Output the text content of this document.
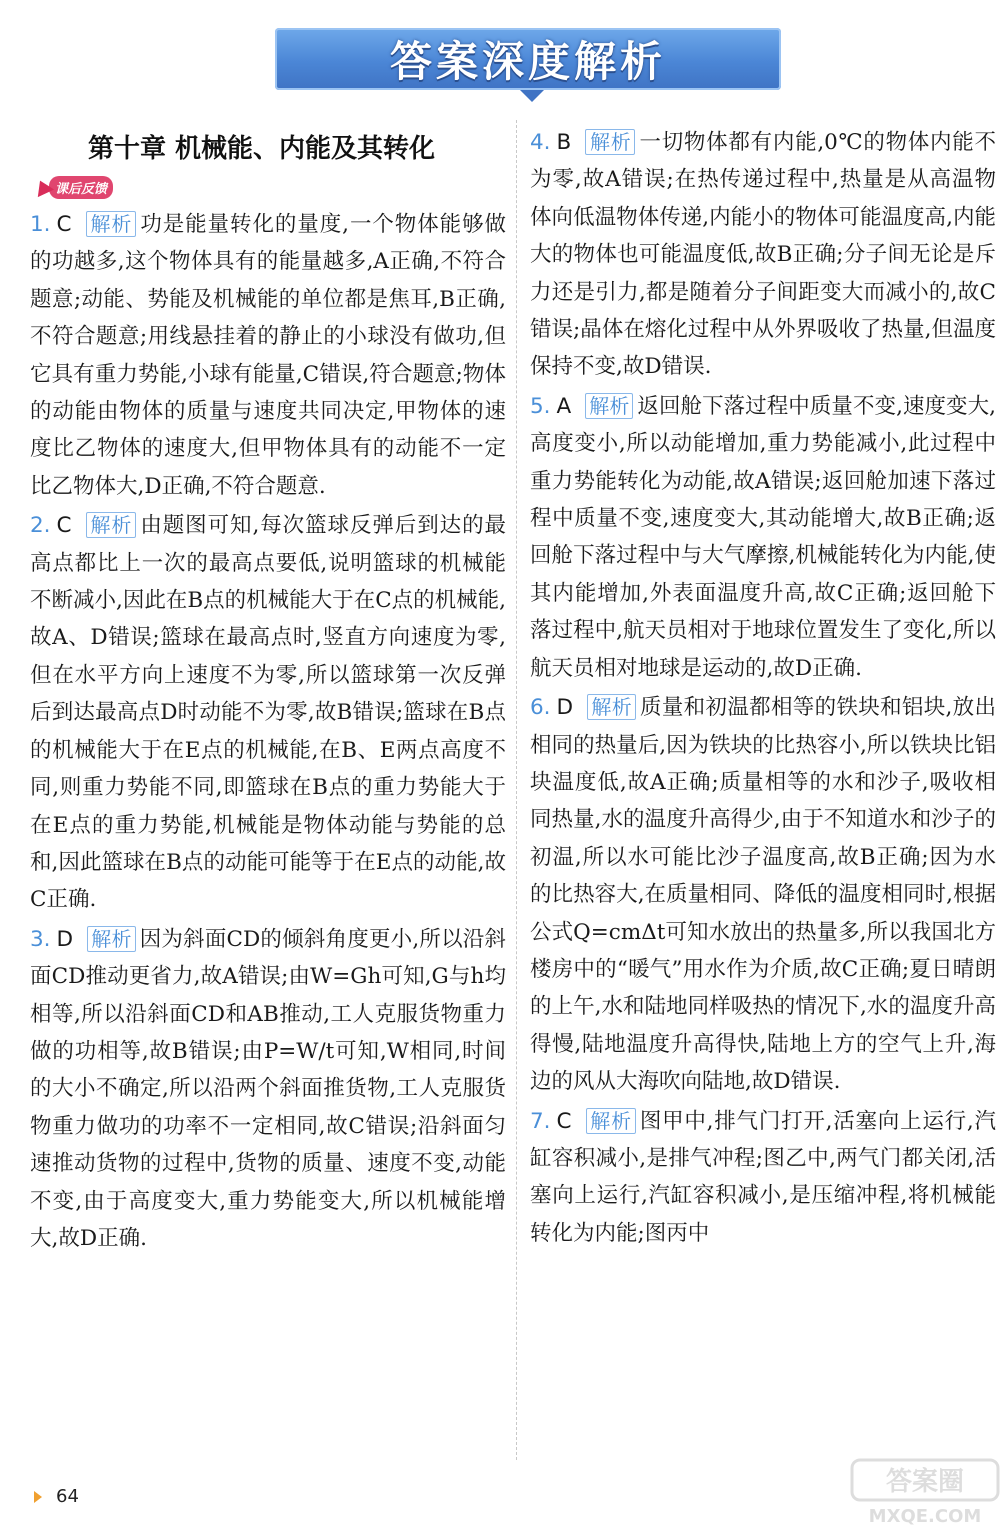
答案深度解析
第十章 机械能、内能及其转化
课后反馈
1. C 解析 功是能量转化的量度,一个物体能够做的功越多,这个物体具有的能量越多,A正确,不符合题意;动能、势能及机械能的单位都是焦耳,B正确,不符合题意;用线悬挂着的静止的小球没有做功,但它具有重力势能,小球有能量,C错误,符合题意;物体的动能由物体的质量与速度共同决定,甲物体的速度比乙物体的速度大,但甲物体具有的动能不一定比乙物体大,D正确,不符合题意.
2. C 解析 由题图可知,每次篮球反弹后到达的最高点都比上一次的最高点要低,说明篮球的机械能不断减小,因此在B点的机械能大于在C点的机械能,故A、D错误;篮球在最高点时,竖直方向速度为零,但在水平方向上速度不为零,所以篮球第一次反弹后到达最高点D时动能不为零,故B错误;篮球在B点的机械能大于在E点的机械能,在B、E两点高度不同,则重力势能不同,即篮球在B点的重力势能大于在E点的重力势能,机械能是物体动能与势能的总和,因此篮球在B点的动能可能等于在E点的动能,故C正确.
3. D 解析 因为斜面CD的倾斜角度更小,所以沿斜面CD推动更省力,故A错误;由W=Gh可知,G与h均相等,所以沿斜面CD和AB推动,工人克服货物重力做的功相等,故B错误;由P=W/t可知,W相同,时间的大小不确定,所以沿两个斜面推货物,工人克服货物重力做功的功率不一定相同,故C错误;沿斜面匀速推动货物的过程中,货物的质量、速度不变,动能不变,由于高度变大,重力势能变大,所以机械能增大,故D正确.
4. B 解析 一切物体都有内能,0℃的物体内能不为零,故A错误;在热传递过程中,热量是从高温物体向低温物体传递,内能小的物体可能温度高,内能大的物体也可能温度低,故B正确;分子间无论是斥力还是引力,都是随着分子间距变大而减小的,故C错误;晶体在熔化过程中从外界吸收了热量,但温度保持不变,故D错误.
5. A 解析 返回舱下落过程中质量不变,速度变大,高度变小,所以动能增加,重力势能减小,此过程中重力势能转化为动能,故A错误;返回舱加速下落过程中质量不变,速度变大,其动能增大,故B正确;返回舱下落过程中与大气摩擦,机械能转化为内能,使其内能增加,外表面温度升高,故C正确;返回舱下落过程中,航天员相对于地球位置发生了变化,所以航天员相对地球是运动的,故D正确.
6. D 解析 质量和初温都相等的铁块和铝块,放出相同的热量后,因为铁块的比热容小,所以铁块比铝块温度低,故A正确;质量相等的水和沙子,吸收相同热量,水的温度升高得少,由于不知道水和沙子的初温,所以水可能比沙子温度高,故B正确;因为水的比热容大,在质量相同、降低的温度相同时,根据公式Q=cmΔt可知水放出的热量多,所以我国北方楼房中的“暖气”用水作为介质,故C正确;夏日晴朗的上午,水和陆地同样吸热的情况下,水的温度升高得慢,陆地温度升高得快,陆地上方的空气上升,海边的风从大海吹向陆地,故D错误.
7. C 解析 图甲中,排气门打开,活塞向上运行,汽缸容积减小,是排气冲程;图乙中,两气门都关闭,活塞向上运行,汽缸容积减小,是压缩冲程,将机械能转化为内能;图丙中
64	答案圈
MXQE.COM
